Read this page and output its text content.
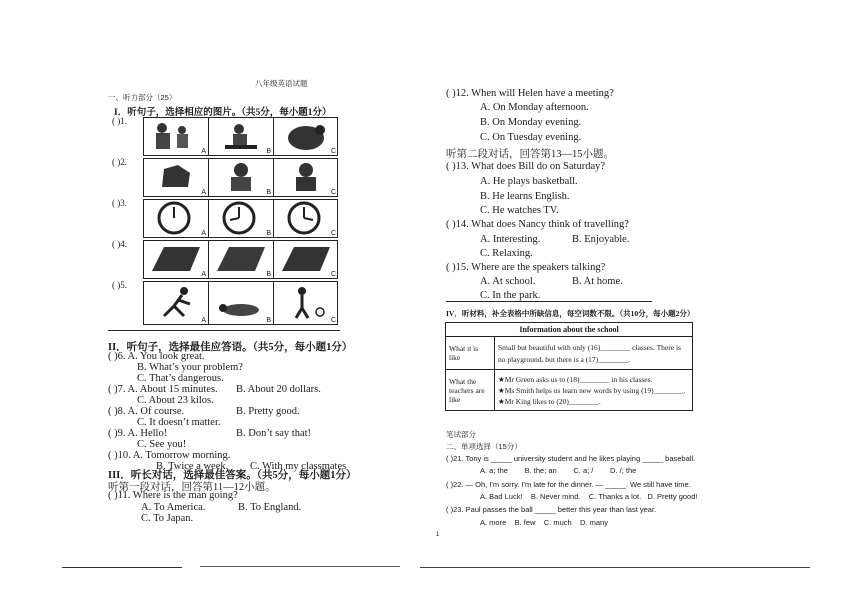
八年级英语试题
一、听力部分（25）
I．听句子，选择相应的图片。（共5分，每小题1分）
( )1.
A	B	C
( )2.
A	B	C
( )3.
A	B	C
( )4.
A	B	C
( )5.
A	B	C
II．听句子，选择最佳应答语。（共5分，每小题1分）
( )6. A. You look great.
B. What’s your problem?
C. That’s dangerous.
( )7. A. About 15 minutes. B. About 20 dollars.
C. About 23 kilos.
( )8. A. Of course.	B. Pretty good.
C. It doesn’t matter.
( )9. A. Hello!	B. Don’t say that!
C. See you!
( )10. A. Tomorrow morning.
B. Twice a week. C. With my classmates
III．听长对话，选择最佳答案。（共5分，每小题1分）
听第一段对话，回答第11—12小题。
( )11. Where is the man going?
A. To America.	B. To England.
C. To Japan.
( )12. When will Helen have a meeting?
A. On Monday afternoon.
B. On Monday evening.
C. On Tuesday evening.
听第二段对话，回答第13—15小题。
( )13. What does Bill do on Saturday?
A. He plays basketball.
B. He learns English.
C. He watches TV.
( )14. What does Nancy think of travelling?
A. Interesting.	B. Enjoyable.
C. Relaxing.
( )15. Where are the speakers talking?
A. At school.	B. At home.
C. In the park.
IV．听材料，补全表格中所缺信息，每空词数不限。（共10分，每小题2分）
Information about the school	
What it is like	Small but beautiful with only (16)________ classes. There is
no playground, but there is a (17)________.

What the teachers are like	★Mr Green asks us to (18)________ in his classes.
★Ms Smith helps us learn new words by using (19)________.
★Mr King likes to (20)________.
笔试部分
二、单项选择（15分）
( )21. Tony is _____ university student and he likes playing _____ baseball.
A. a; the        B. the; an        C. a; /        D. /; the
( )22. — Oh, I'm sorry. I'm late for the dinner. — _____. We still have time.
A. Bad Luck!    B. Never mind.    C. Thanks a lot.   D. Pretty good!
( )23. Paul passes the ball _____ better this year than last year.
A. more    B. few    C. much    D. many
1
